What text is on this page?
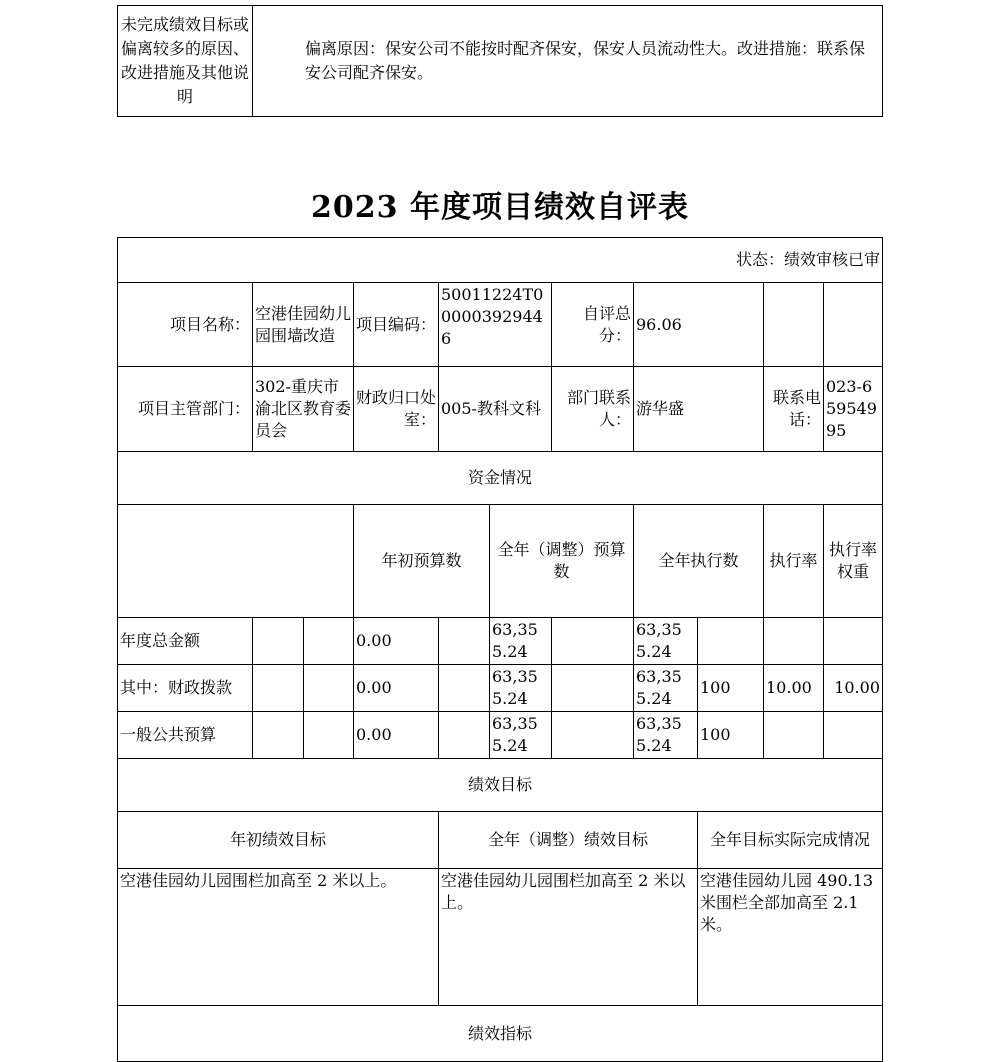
未完成绩效目标或偏离较多的原因、改进措施及其他说明	偏离原因：保安公司不能按时配齐保安，保安人员流动性大。改进措施：联系保安公司配齐保安。
2023 年度项目绩效自评表
状态：绩效审核已审											
项目名称：	空港佳园幼儿园围墙改造		项目编码：	50011224T000003929446		自评总分：	96.06				
项目主管部门：	302-重庆市渝北区教育委员会		财政归口处室：	005-教科文科		部门联系人：	游华盛		联系电话：	023-65954995	
资金情况											
			年初预算数		全年（调整）预算数		全年执行数		执行率	执行率权重	
年度总金额			0.00		63,355.24		63,355.24				
其中：财政拨款			0.00		63,355.24		63,355.24	100	10.00	10.00	
一般公共预算			0.00		63,355.24		63,355.24	100			
绩效目标											
年初绩效目标				全年（调整）绩效目标				全年目标实际完成情况			
空港佳园幼儿园围栏加高至 2 米以上。				空港佳园幼儿园围栏加高至 2 米以上。				空港佳园幼儿园 490.13 米围栏全部加高至 2.1 米。			
绩效指标											
